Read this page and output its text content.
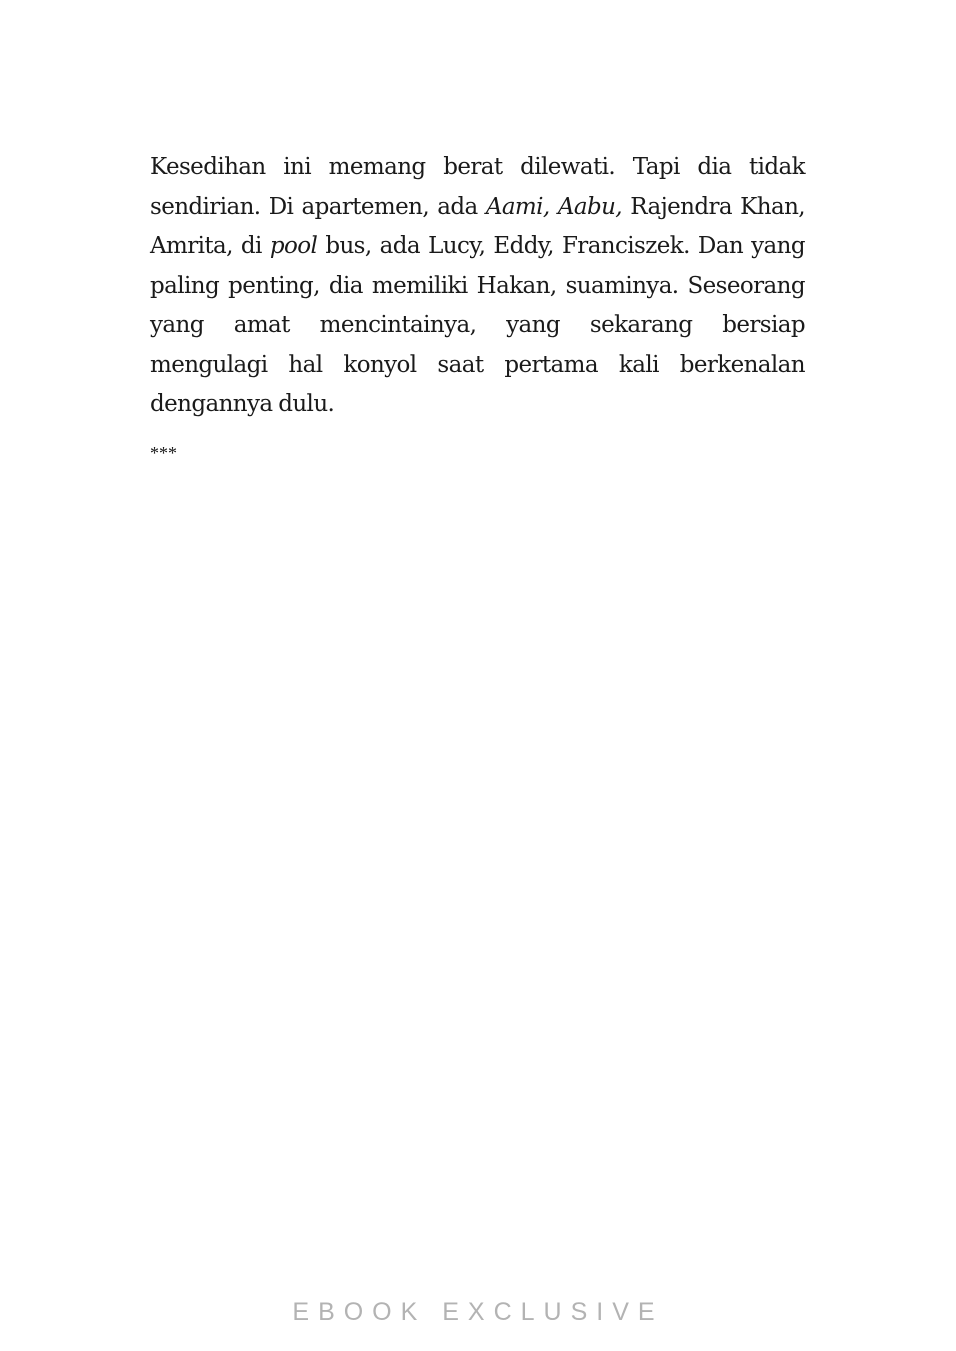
Kesedihan ini memang berat dilewati. Tapi dia tidak sendirian. Di apartemen, ada Aami, Aabu, Rajendra Khan, Amrita, di pool bus, ada Lucy, Eddy, Franciszek. Dan yang paling penting, dia memiliki Hakan, suaminya. Seseorang yang amat mencintainya, yang sekarang bersiap mengulagi hal konyol saat pertama kali berkenalan dengannya dulu.

***

EBOOK EXCLUSIVE
